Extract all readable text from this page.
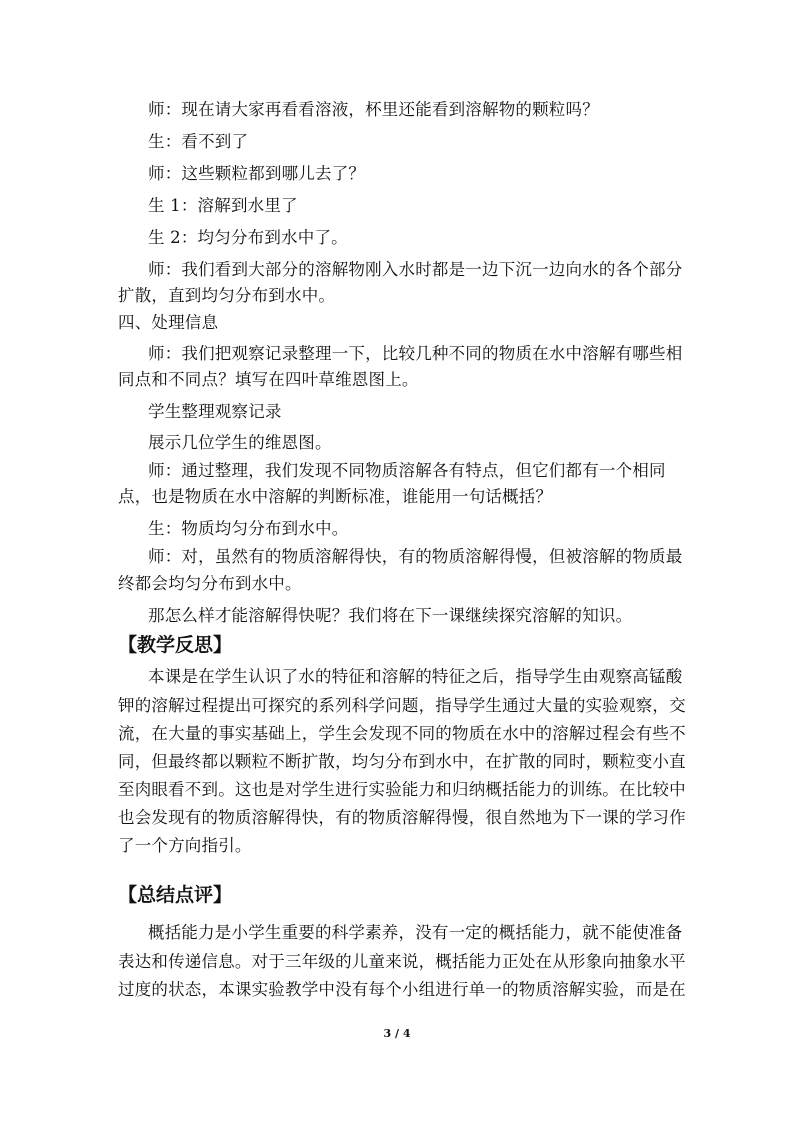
师：现在请大家再看看溶液，杯里还能看到溶解物的颗粒吗？
生：看不到了
师：这些颗粒都到哪儿去了？
生 1：溶解到水里了
生 2：均匀分布到水中了。
师：我们看到大部分的溶解物刚入水时都是一边下沉一边向水的各个部分
扩散，直到均匀分布到水中。
四、处理信息
师：我们把观察记录整理一下，比较几种不同的物质在水中溶解有哪些相
同点和不同点？填写在四叶草维恩图上。
学生整理观察记录
展示几位学生的维恩图。
师：通过整理，我们发现不同物质溶解各有特点，但它们都有一个相同
点，也是物质在水中溶解的判断标准，谁能用一句话概括？
生：物质均匀分布到水中。
师：对，虽然有的物质溶解得快，有的物质溶解得慢，但被溶解的物质最
终都会均匀分布到水中。
那怎么样才能溶解得快呢？我们将在下一课继续探究溶解的知识。
【教学反思】
本课是在学生认识了水的特征和溶解的特征之后，指导学生由观察高锰酸
钾的溶解过程提出可探究的系列科学问题，指导学生通过大量的实验观察，交
流，在大量的事实基础上，学生会发现不同的物质在水中的溶解过程会有些不
同，但最终都以颗粒不断扩散，均匀分布到水中，在扩散的同时，颗粒变小直
至肉眼看不到。这也是对学生进行实验能力和归纳概括能力的训练。在比较中
也会发现有的物质溶解得快，有的物质溶解得慢，很自然地为下一课的学习作
了一个方向指引。
【总结点评】
概括能力是小学生重要的科学素养，没有一定的概括能力，就不能使准备
表达和传递信息。对于三年级的儿童来说，概括能力正处在从形象向抽象水平
过度的状态，本课实验教学中没有每个小组进行单一的物质溶解实验，而是在
3 / 4
